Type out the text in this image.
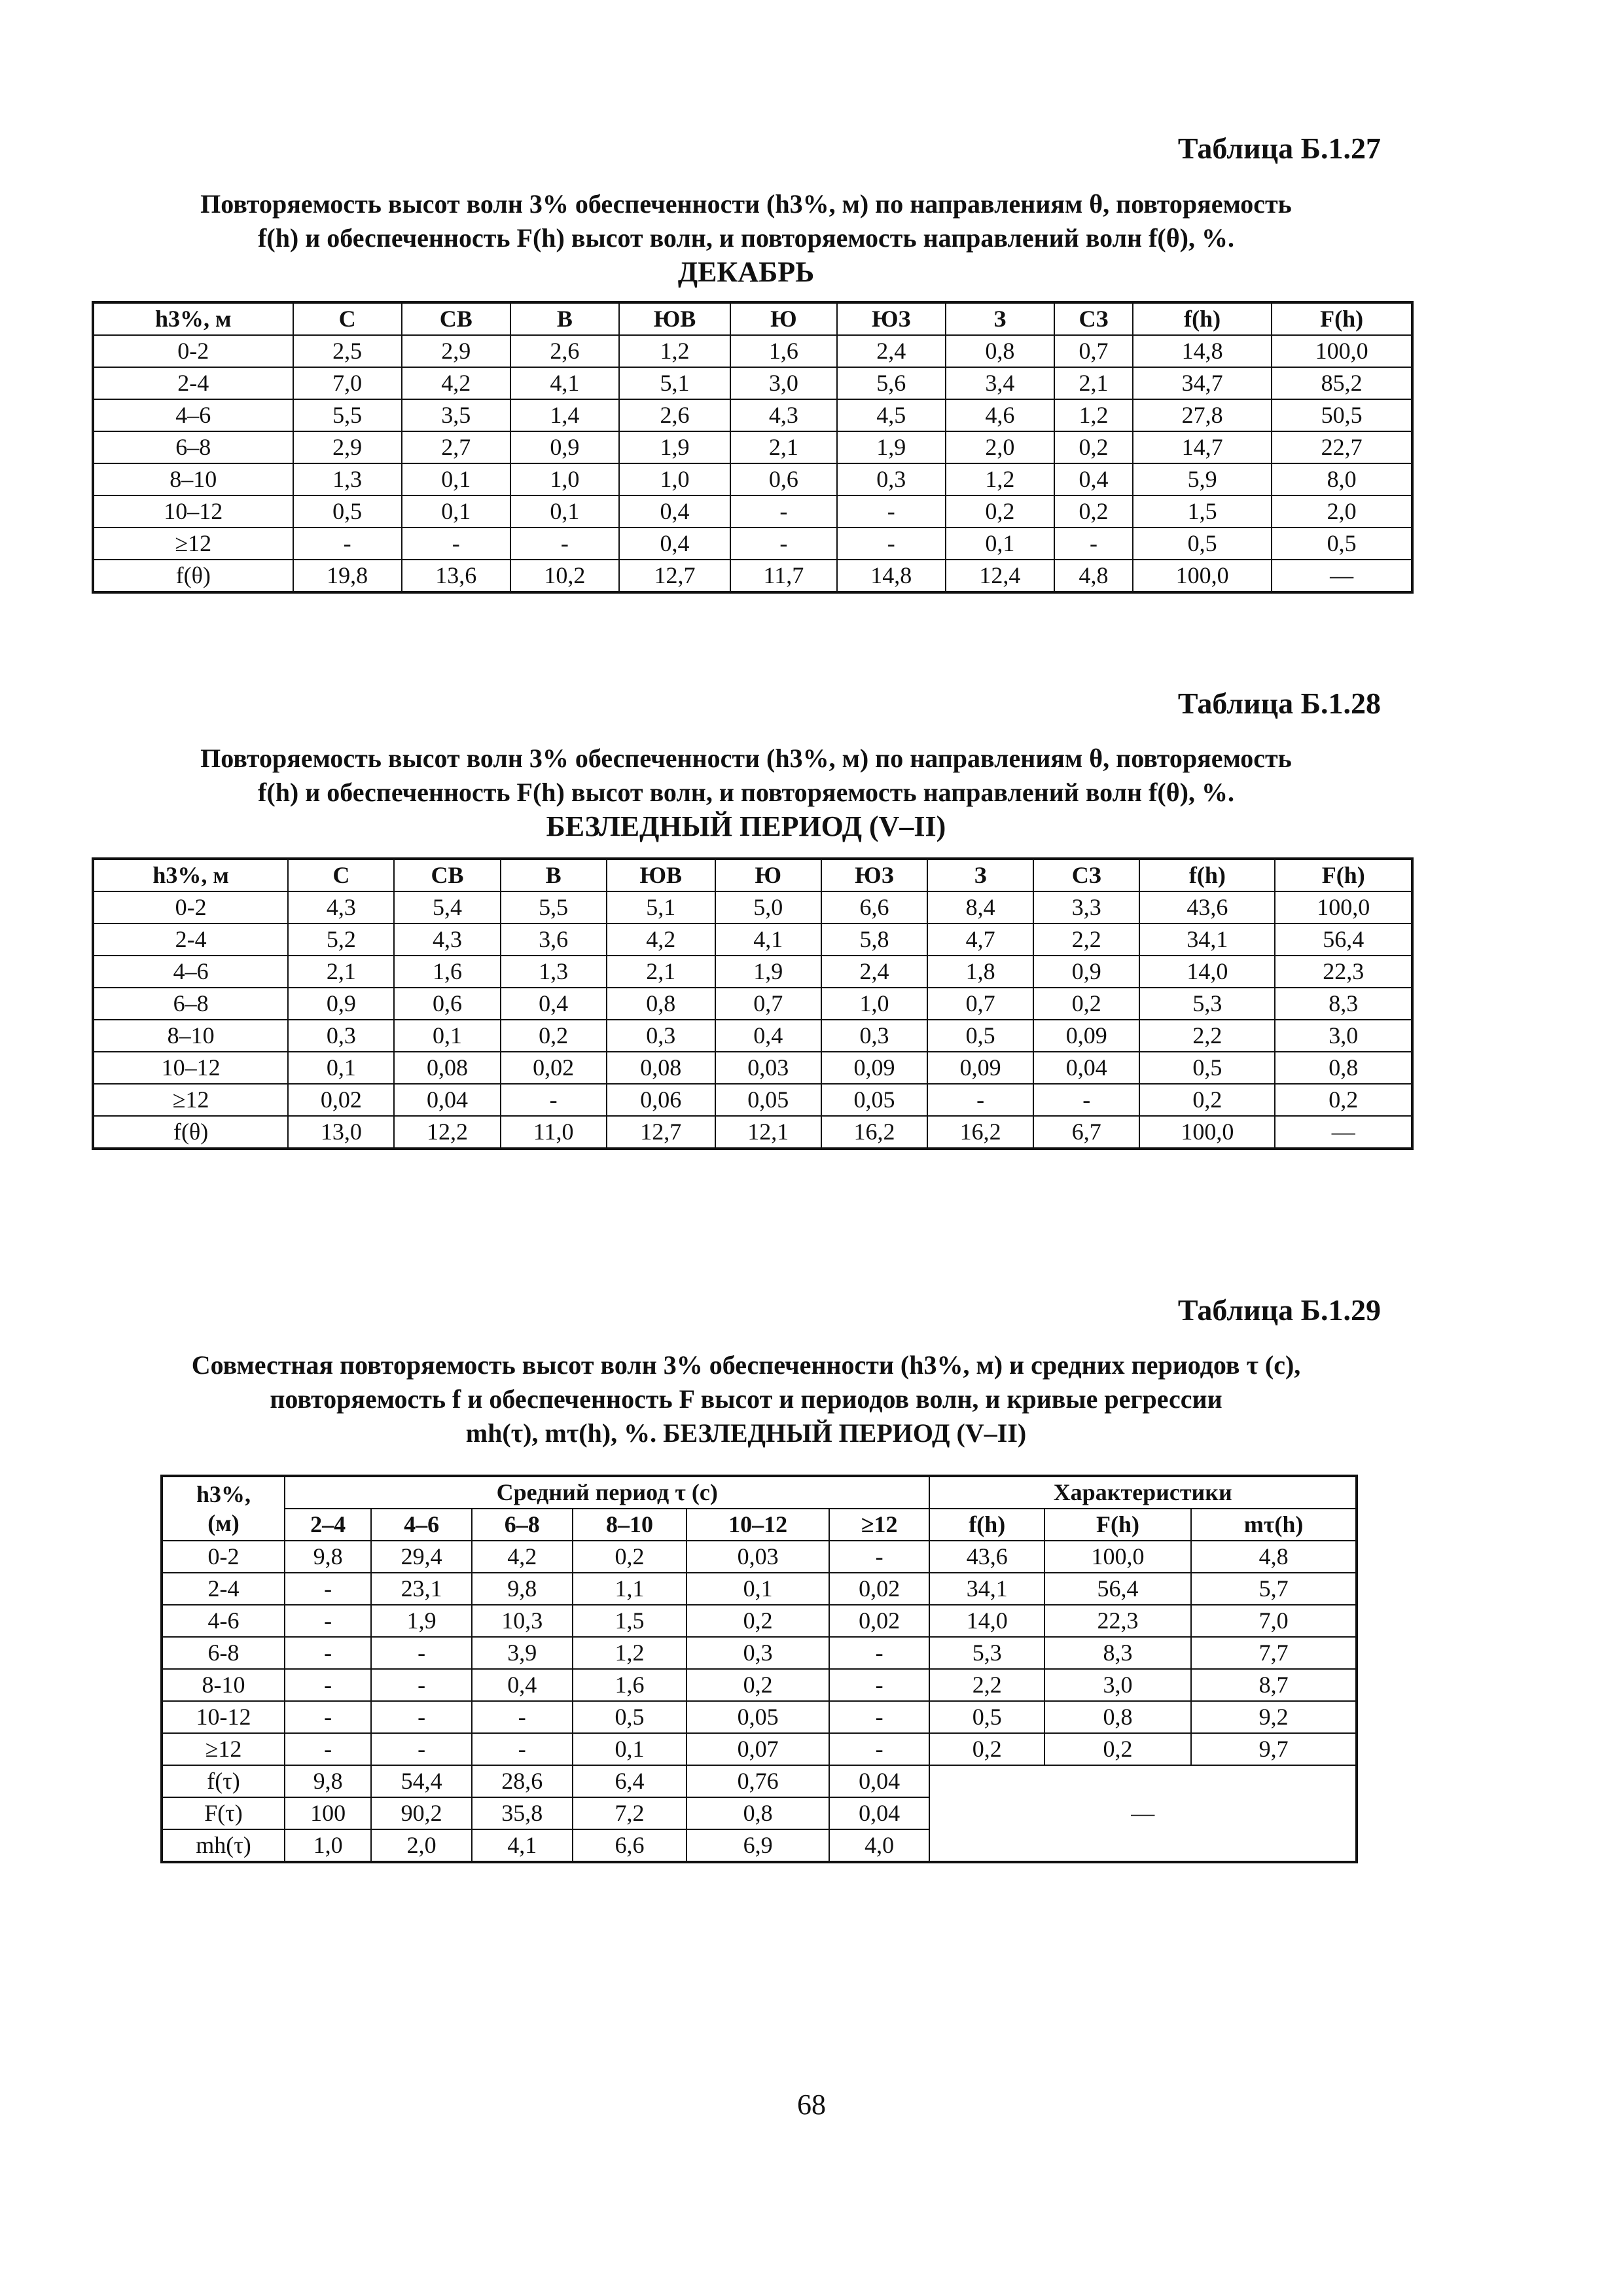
Таблица Б.1.27
Повторяемость высот волн 3% обеспеченности (h3%, м) по направлениям θ, повторяемость
f(h) и обеспеченность F(h) высот волн, и повторяемость направлений волн f(θ), %.
ДЕКАБРЬ
h3%, м	С	СВ	В	ЮВ	Ю	ЮЗ	З	СЗ	f(h)	F(h)
0-2	2,5	2,9	2,6	1,2	1,6	2,4	0,8	0,7	14,8	100,0
2-4	7,0	4,2	4,1	5,1	3,0	5,6	3,4	2,1	34,7	85,2
4–6	5,5	3,5	1,4	2,6	4,3	4,5	4,6	1,2	27,8	50,5
6–8	2,9	2,7	0,9	1,9	2,1	1,9	2,0	0,2	14,7	22,7
8–10	1,3	0,1	1,0	1,0	0,6	0,3	1,2	0,4	5,9	8,0
10–12	0,5	0,1	0,1	0,4	-	-	0,2	0,2	1,5	2,0
≥12	-	-	-	0,4	-	-	0,1	-	0,5	0,5
f(θ)	19,8	13,6	10,2	12,7	11,7	14,8	12,4	4,8	100,0	—
Таблица Б.1.28
Повторяемость высот волн 3% обеспеченности (h3%, м) по направлениям θ, повторяемость
f(h) и обеспеченность F(h) высот волн, и повторяемость направлений волн f(θ), %.
БЕЗЛЕДНЫЙ ПЕРИОД (V–II)
h3%, м	С	СВ	В	ЮВ	Ю	ЮЗ	З	СЗ	f(h)	F(h)
0-2	4,3	5,4	5,5	5,1	5,0	6,6	8,4	3,3	43,6	100,0
2-4	5,2	4,3	3,6	4,2	4,1	5,8	4,7	2,2	34,1	56,4
4–6	2,1	1,6	1,3	2,1	1,9	2,4	1,8	0,9	14,0	22,3
6–8	0,9	0,6	0,4	0,8	0,7	1,0	0,7	0,2	5,3	8,3
8–10	0,3	0,1	0,2	0,3	0,4	0,3	0,5	0,09	2,2	3,0
10–12	0,1	0,08	0,02	0,08	0,03	0,09	0,09	0,04	0,5	0,8
≥12	0,02	0,04	-	0,06	0,05	0,05	-	-	0,2	0,2
f(θ)	13,0	12,2	11,0	12,7	12,1	16,2	16,2	6,7	100,0	—
Таблица Б.1.29
Совместная повторяемость высот волн 3% обеспеченности (h3%, м) и средних периодов τ (с),
повторяемость f и обеспеченность F высот и периодов волн, и кривые регрессии
mh(τ), mτ(h), %. БЕЗЛЕДНЫЙ ПЕРИОД (V–II)
h3%,
(м)	Средний период τ (с)						Характеристики		
	2–4	4–6	6–8	8–10	10–12	≥12	f(h)	F(h)	mτ(h)
0-2	9,8	29,4	4,2	0,2	0,03	-	43,6	100,0	4,8
2-4	-	23,1	9,8	1,1	0,1	0,02	34,1	56,4	5,7
4-6	-	1,9	10,3	1,5	0,2	0,02	14,0	22,3	7,0
6-8	-	-	3,9	1,2	0,3	-	5,3	8,3	7,7
8-10	-	-	0,4	1,6	0,2	-	2,2	3,0	8,7
10-12	-	-	-	0,5	0,05	-	0,5	0,8	9,2
≥12	-	-	-	0,1	0,07	-	0,2	0,2	9,7
f(τ)	9,8	54,4	28,6	6,4	0,76	0,04	—		
F(τ)	100	90,2	35,8	7,2	0,8	0,04			
mh(τ)	1,0	2,0	4,1	6,6	6,9	4,0			
68
